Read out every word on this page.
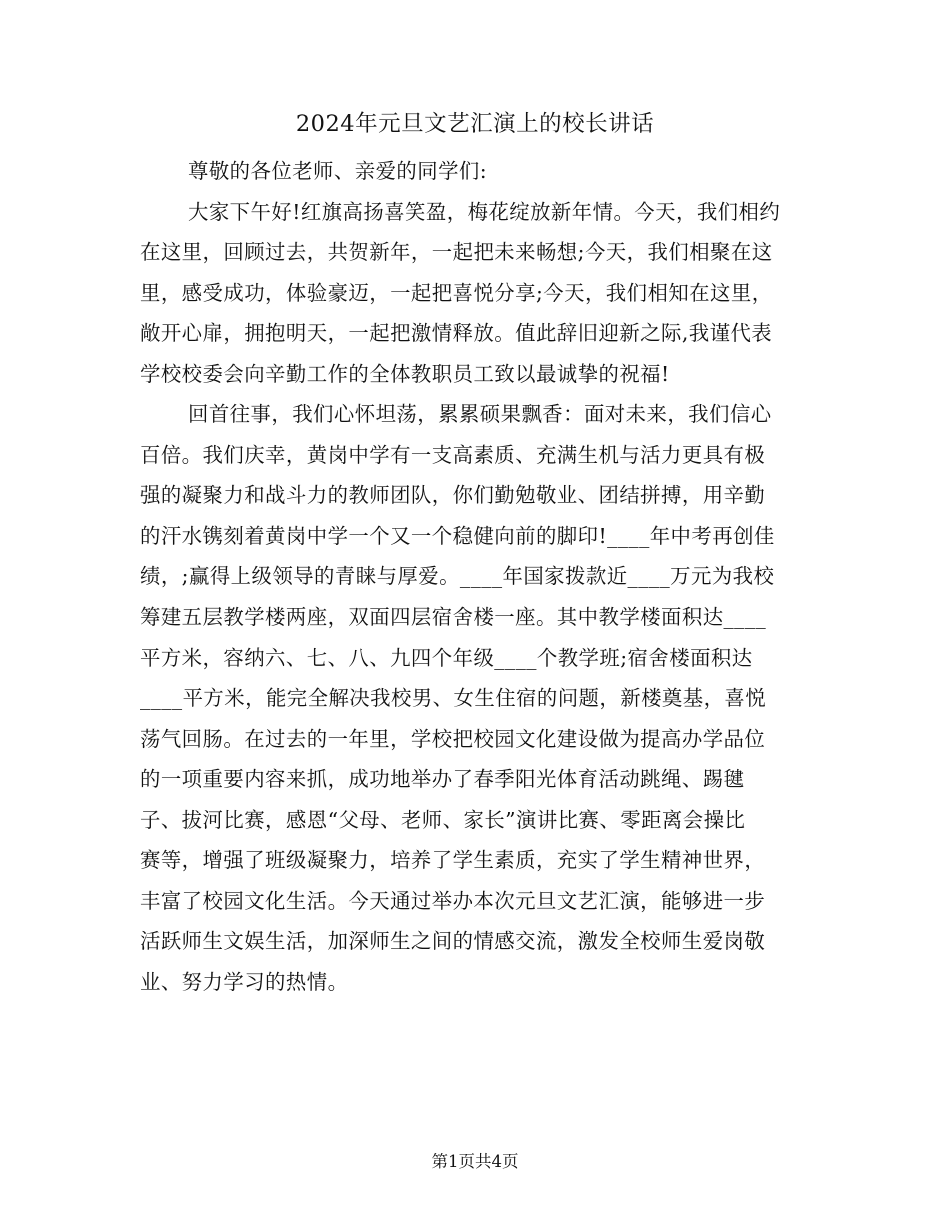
2024年元旦文艺汇演上的校长讲话
尊敬的各位老师、亲爱的同学们:
大家下午好!红旗高扬喜笑盈，梅花绽放新年情。今天，我们相约
在这里，回顾过去，共贺新年，一起把未来畅想;今天，我们相聚在这
里，感受成功，体验豪迈，一起把喜悦分享;今天，我们相知在这里，
敞开心扉，拥抱明天，一起把激情释放。值此辞旧迎新之际,我谨代表
学校校委会向辛勤工作的全体教职员工致以最诚挚的祝福!
回首往事，我们心怀坦荡，累累硕果飘香：面对未来，我们信心
百倍。我们庆幸，黄岗中学有一支高素质、充满生机与活力更具有极
强的凝聚力和战斗力的教师团队，你们勤勉敬业、团结拼搏，用辛勤
的汗水镌刻着黄岗中学一个又一个稳健向前的脚印!____年中考再创佳
绩，;赢得上级领导的青睐与厚爱。____年国家拨款近____万元为我校
筹建五层教学楼两座，双面四层宿舍楼一座。其中教学楼面积达____
平方米，容纳六、七、八、九四个年级____个教学班;宿舍楼面积达
____平方米，能完全解决我校男、女生住宿的问题，新楼奠基，喜悦
荡气回肠。在过去的一年里，学校把校园文化建设做为提高办学品位
的一项重要内容来抓，成功地举办了春季阳光体育活动跳绳、踢毽
子、拔河比赛，感恩“父母、老师、家长”演讲比赛、零距离会操比
赛等，增强了班级凝聚力，培养了学生素质，充实了学生精神世界，
丰富了校园文化生活。今天通过举办本次元旦文艺汇演，能够进一步
活跃师生文娱生活，加深师生之间的情感交流，激发全校师生爱岗敬
业、努力学习的热情。
第1页共4页
